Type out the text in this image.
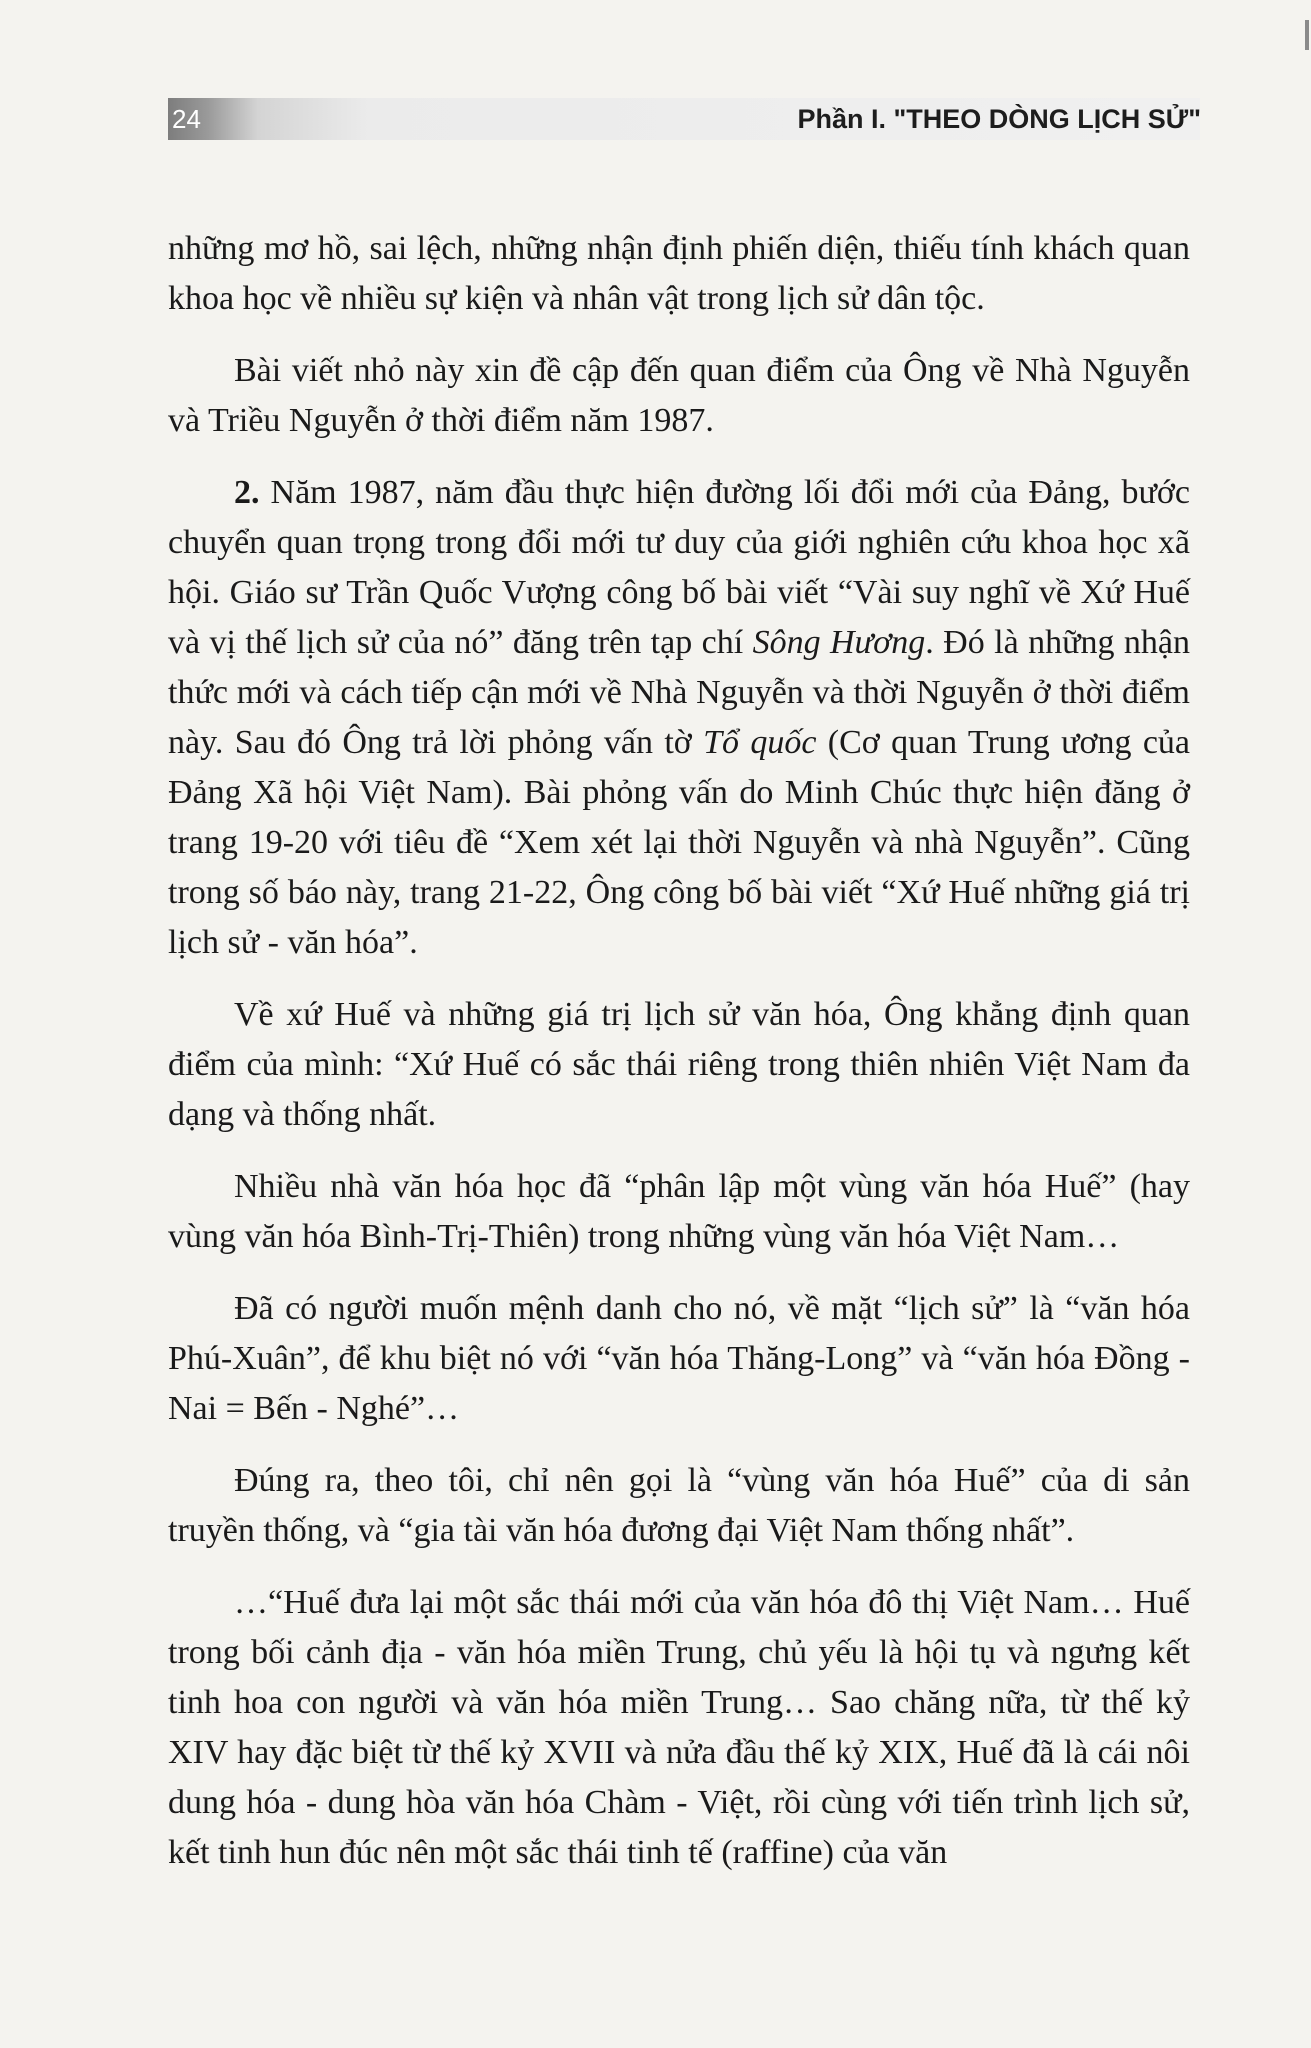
24	Phần I. "THEO DÒNG LỊCH SỬ"

những mơ hồ, sai lệch, những nhận định phiến diện, thiếu tính khách quan khoa học về nhiều sự kiện và nhân vật trong lịch sử dân tộc.

Bài viết nhỏ này xin đề cập đến quan điểm của Ông về Nhà Nguyễn và Triều Nguyễn ở thời điểm năm 1987.

2. Năm 1987, năm đầu thực hiện đường lối đổi mới của Đảng, bước chuyển quan trọng trong đổi mới tư duy của giới nghiên cứu khoa học xã hội. Giáo sư Trần Quốc Vượng công bố bài viết “Vài suy nghĩ về Xứ Huế và vị thế lịch sử của nó” đăng trên tạp chí Sông Hương. Đó là những nhận thức mới và cách tiếp cận mới về Nhà Nguyễn và thời Nguyễn ở thời điểm này. Sau đó Ông trả lời phỏng vấn tờ Tổ quốc (Cơ quan Trung ương của Đảng Xã hội Việt Nam). Bài phỏng vấn do Minh Chúc thực hiện đăng ở trang 19-20 với tiêu đề “Xem xét lại thời Nguyễn và nhà Nguyễn”. Cũng trong số báo này, trang 21-22, Ông công bố bài viết “Xứ Huế những giá trị lịch sử - văn hóa”.

Về xứ Huế và những giá trị lịch sử văn hóa, Ông khẳng định quan điểm của mình: “Xứ Huế có sắc thái riêng trong thiên nhiên Việt Nam đa dạng và thống nhất.

Nhiều nhà văn hóa học đã “phân lập một vùng văn hóa Huế” (hay vùng văn hóa Bình-Trị-Thiên) trong những vùng văn hóa Việt Nam…

Đã có người muốn mệnh danh cho nó, về mặt “lịch sử” là “văn hóa Phú-Xuân”, để khu biệt nó với “văn hóa Thăng-Long” và “văn hóa Đồng - Nai = Bến - Nghé”…

Đúng ra, theo tôi, chỉ nên gọi là “vùng văn hóa Huế” của di sản truyền thống, và “gia tài văn hóa đương đại Việt Nam thống nhất”.

…“Huế đưa lại một sắc thái mới của văn hóa đô thị Việt Nam… Huế trong bối cảnh địa - văn hóa miền Trung, chủ yếu là hội tụ và ngưng kết tinh hoa con người và văn hóa miền Trung… Sao chăng nữa, từ thế kỷ XIV hay đặc biệt từ thế kỷ XVII và nửa đầu thế kỷ XIX, Huế đã là cái nôi dung hóa - dung hòa văn hóa Chàm - Việt, rồi cùng với tiến trình lịch sử, kết tinh hun đúc nên một sắc thái tinh tế (raffine) của văn
